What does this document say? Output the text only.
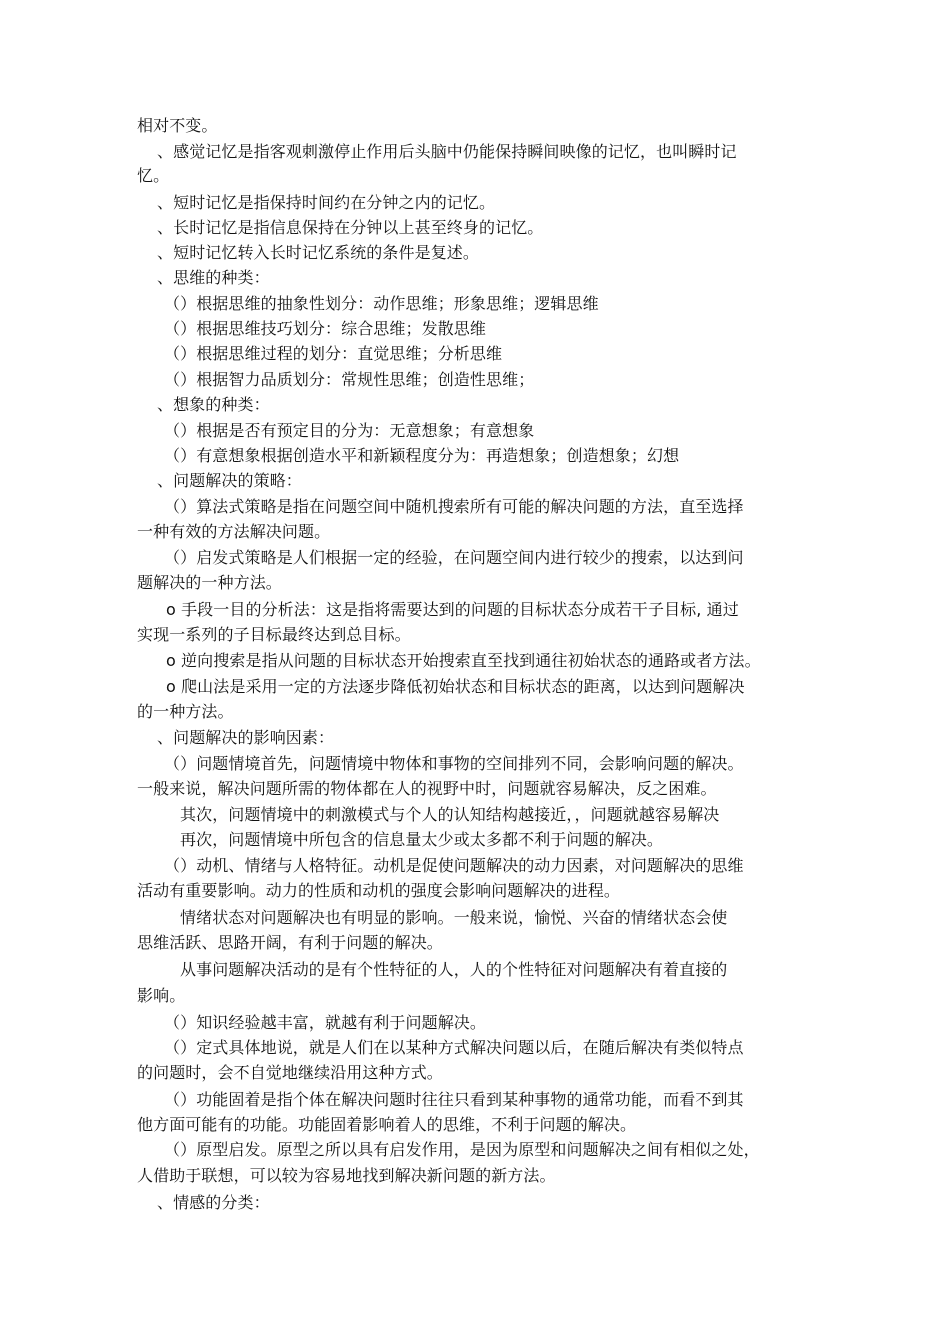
相对不变。
、感觉记忆是指客观刺激停止作用后头脑中仍能保持瞬间映像的记忆，也叫瞬时记
忆。
、短时记忆是指保持时间约在分钟之内的记忆。
、长时记忆是指信息保持在分钟以上甚至终身的记忆。
、短时记忆转入长时记忆系统的条件是复述。
、思维的种类：
（）根据思维的抽象性划分：动作思维；形象思维；逻辑思维
（）根据思维技巧划分：综合思维；发散思维
（）根据思维过程的划分：直觉思维；分析思维
（）根据智力品质划分：常规性思维；创造性思维；
、想象的种类：
（）根据是否有预定目的分为：无意想象；有意想象
（）有意想象根据创造水平和新颖程度分为：再造想象；创造想象；幻想
、问题解决的策略：
（）算法式策略是指在问题空间中随机搜索所有可能的解决问题的方法，直至选择
一种有效的方法解决问题。
（）启发式策略是人们根据一定的经验，在问题空间内进行较少的搜索，以达到问
题解决的一种方法。
o 手段一目的分析法：这是指将需要达到的问题的目标状态分成若干子目标, 通过
实现一系列的子目标最终达到总目标。
o 逆向搜索是指从问题的目标状态开始搜索直至找到通往初始状态的通路或者方法。
o 爬山法是采用一定的方法逐步降低初始状态和目标状态的距离，以达到问题解决
的一种方法。
、问题解决的影响因素：
（）问题情境首先，问题情境中物体和事物的空间排列不同，会影响问题的解决。
一般来说，解决问题所需的物体都在人的视野中时，问题就容易解决，反之困难。
其次，问题情境中的刺激模式与个人的认知结构越接近，，问题就越容易解决
再次，问题情境中所包含的信息量太少或太多都不利于问题的解决。
（）动机、情绪与人格特征。动机是促使问题解决的动力因素，对问题解决的思维
活动有重要影响。动力的性质和动机的强度会影响问题解决的进程。
情绪状态对问题解决也有明显的影响。一般来说，愉悦、兴奋的情绪状态会使
思维活跃、思路开阔，有利于问题的解决。
从事问题解决活动的是有个性特征的人，人的个性特征对问题解决有着直接的
影响。
（）知识经验越丰富，就越有利于问题解决。
（）定式具体地说，就是人们在以某种方式解决问题以后，在随后解决有类似特点
的问题时，会不自觉地继续沿用这种方式。
（）功能固着是指个体在解决问题时往往只看到某种事物的通常功能，而看不到其
他方面可能有的功能。功能固着影响着人的思维，不利于问题的解决。
（）原型启发。原型之所以具有启发作用，是因为原型和问题解决之间有相似之处，
人借助于联想，可以较为容易地找到解决新问题的新方法。
、情感的分类：
